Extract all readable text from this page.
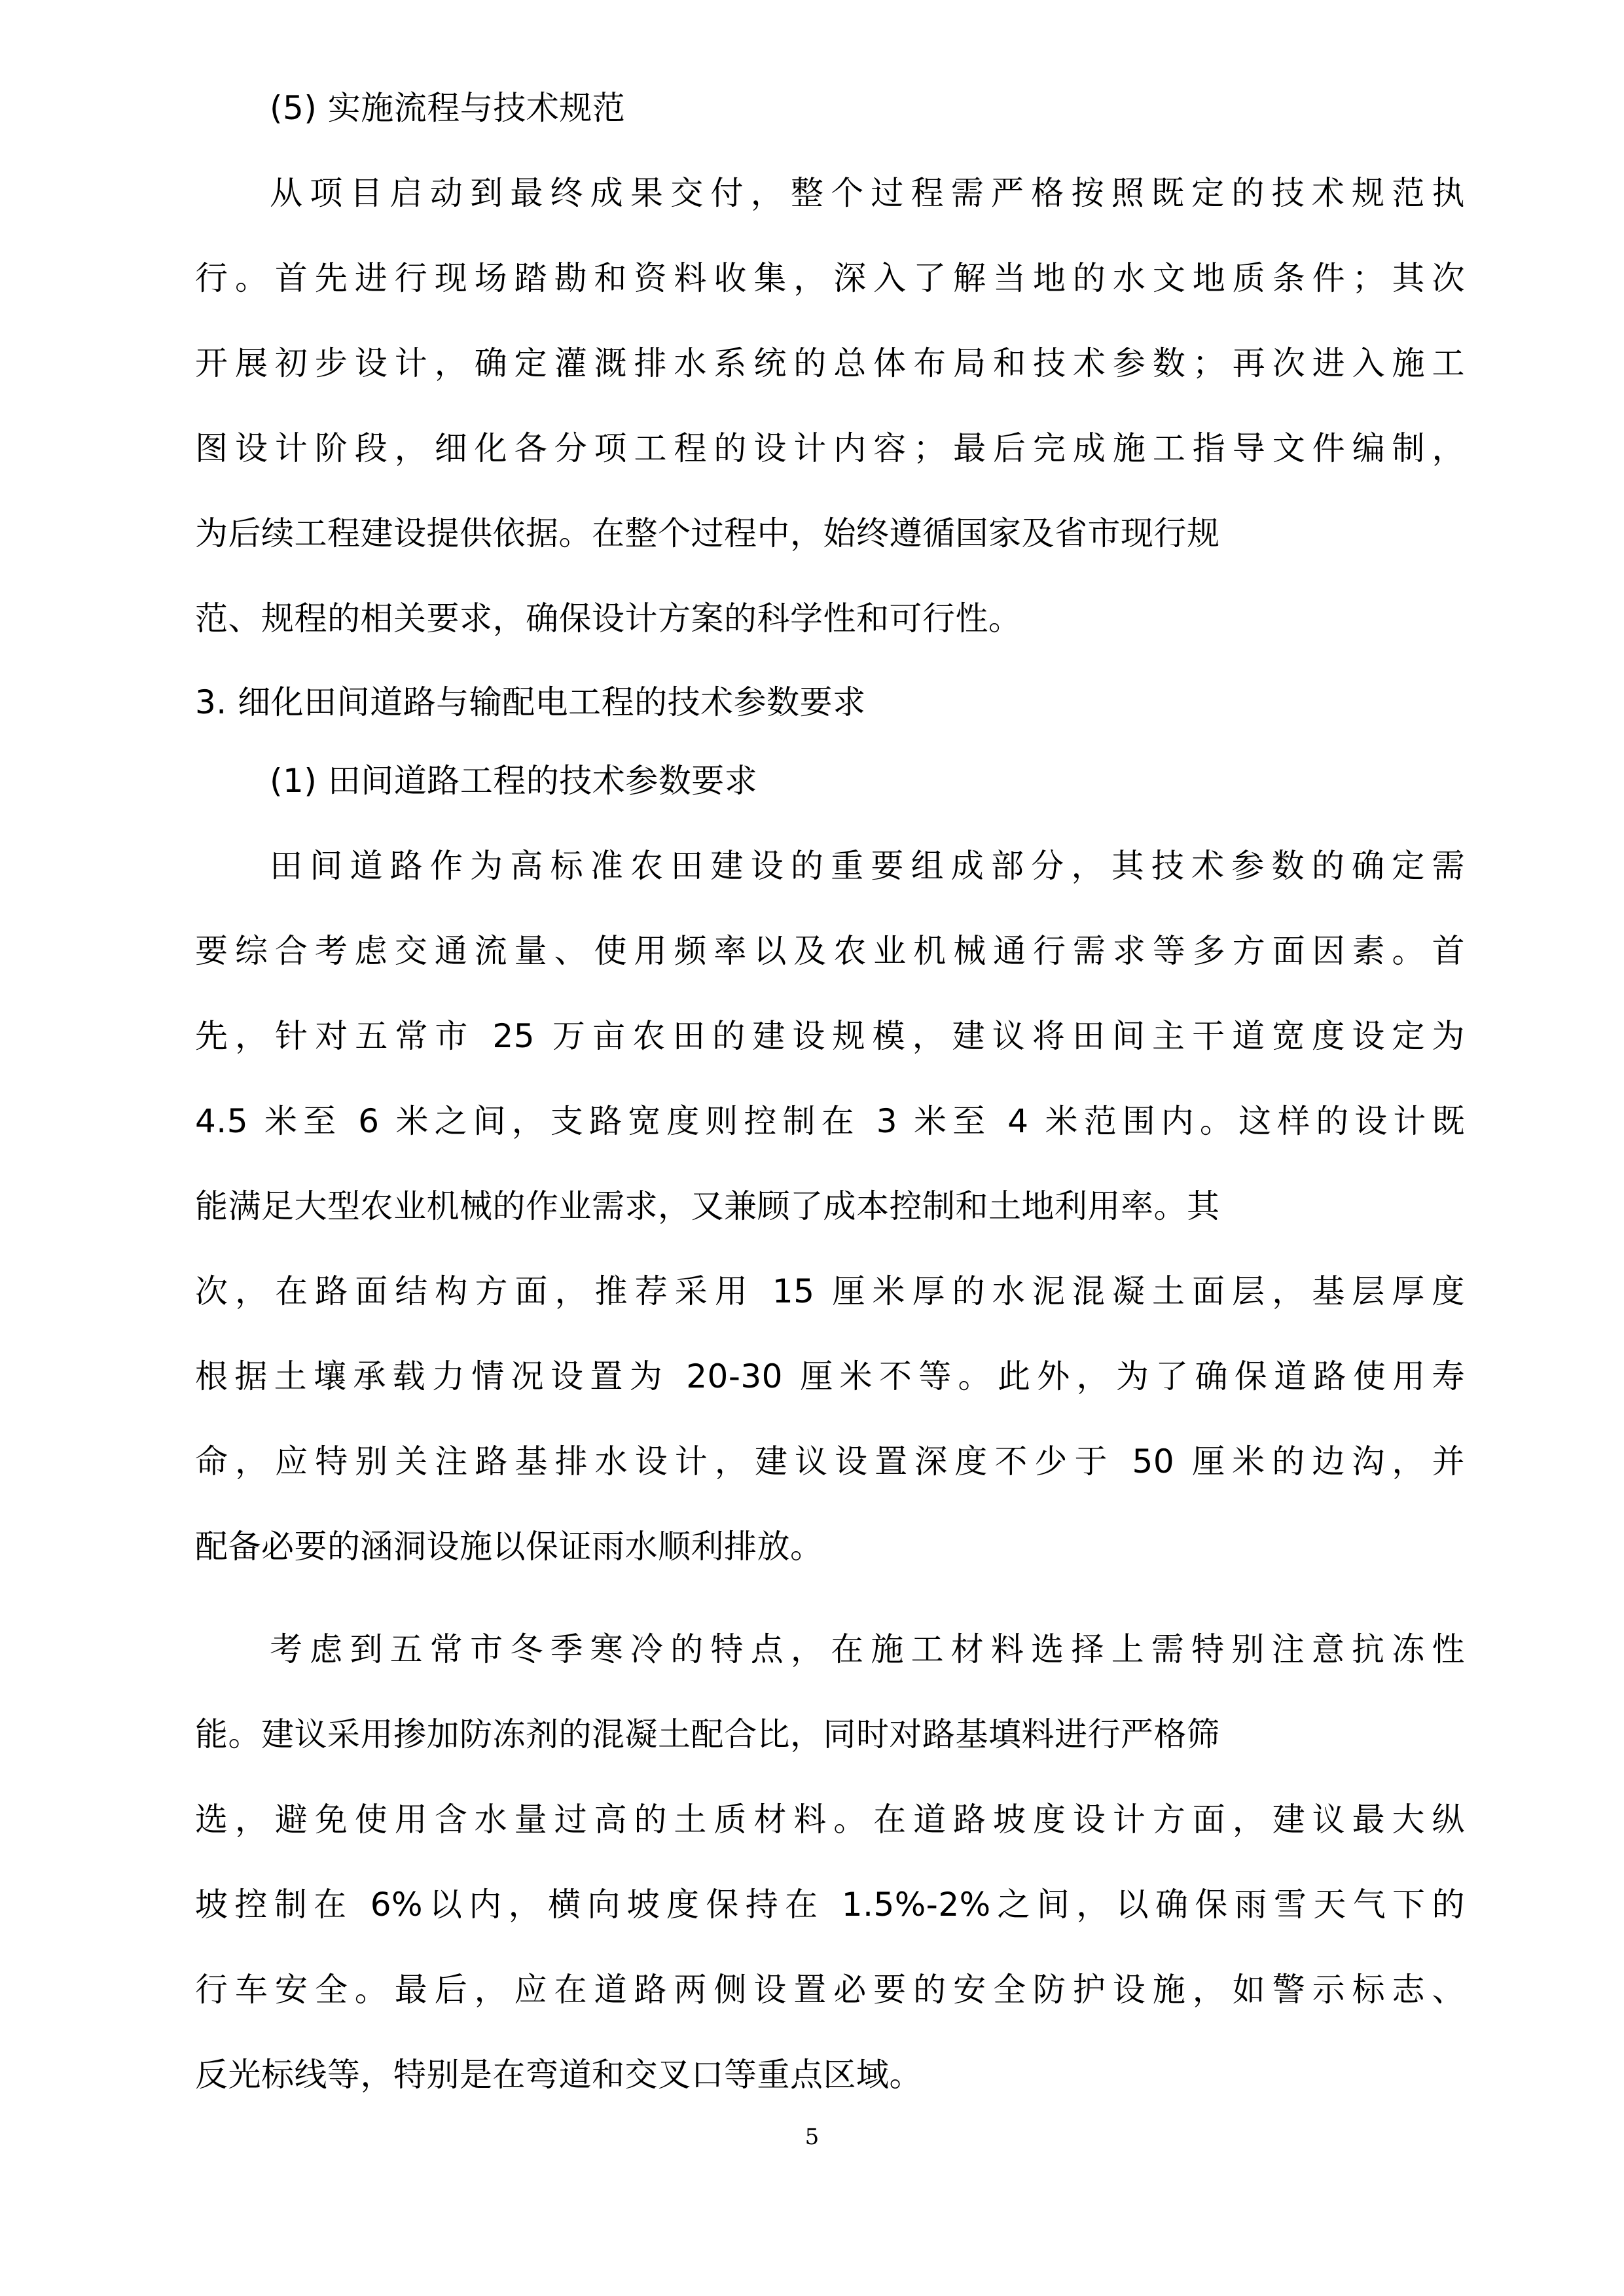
(5) 实施流程与技术规范
从项目启动到最终成果交付，整个过程需严格按照既定的技术规范执
行。首先进行现场踏勘和资料收集，深入了解当地的水文地质条件；其次
开展初步设计，确定灌溉排水系统的总体布局和技术参数；再次进入施工
图设计阶段，细化各分项工程的设计内容；最后完成施工指导文件编制，
为后续工程建设提供依据。在整个过程中，始终遵循国家及省市现行规
范、规程的相关要求，确保设计方案的科学性和可行性。
3. 细化田间道路与输配电工程的技术参数要求
(1) 田间道路工程的技术参数要求
田间道路作为高标准农田建设的重要组成部分，其技术参数的确定需
要综合考虑交通流量、使用频率以及农业机械通行需求等多方面因素。首
先，针对五常市 25 万亩农田的建设规模，建议将田间主干道宽度设定为
4.5 米至 6 米之间，支路宽度则控制在 3 米至 4 米范围内。这样的设计既
能满足大型农业机械的作业需求，又兼顾了成本控制和土地利用率。其
次，在路面结构方面，推荐采用 15 厘米厚的水泥混凝土面层，基层厚度
根据土壤承载力情况设置为 20-30 厘米不等。此外，为了确保道路使用寿
命，应特别关注路基排水设计，建议设置深度不少于 50 厘米的边沟，并
配备必要的涵洞设施以保证雨水顺利排放。
考虑到五常市冬季寒冷的特点，在施工材料选择上需特别注意抗冻性
能。建议采用掺加防冻剂的混凝土配合比，同时对路基填料进行严格筛
选，避免使用含水量过高的土质材料。在道路坡度设计方面，建议最大纵
坡控制在 6%以内，横向坡度保持在 1.5%-2%之间，以确保雨雪天气下的
行车安全。最后，应在道路两侧设置必要的安全防护设施，如警示标志、
反光标线等，特别是在弯道和交叉口等重点区域。
5
